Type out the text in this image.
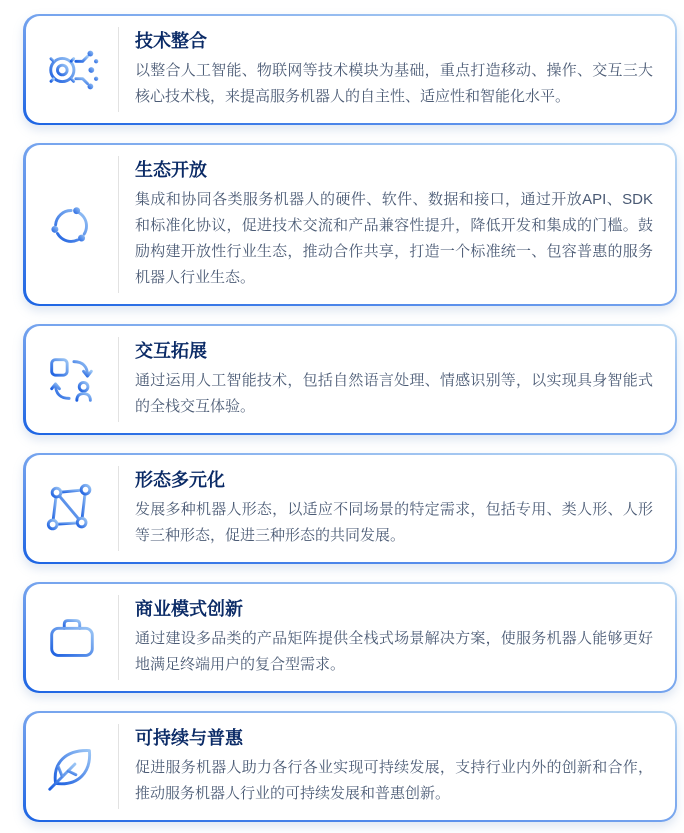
技术整合
以整合人工智能、物联网等技术模块为基础，重点打造移动、操作、交互三大核心技术栈，来提高服务机器人的自主性、适应性和智能化水平。
生态开放
集成和协同各类服务机器人的硬件、软件、数据和接口，通过开放API、SDK和标准化协议，促进技术交流和产品兼容性提升，降低开发和集成的门槛。鼓励构建开放性行业生态，推动合作共享，打造一个标准统一、包容普惠的服务机器人行业生态。
交互拓展
通过运用人工智能技术，包括自然语言处理、情感识别等，以实现具身智能式的全栈交互体验。
形态多元化
发展多种机器人形态，以适应不同场景的特定需求，包括专用、类人形、人形等三种形态，促进三种形态的共同发展。
商业模式创新
通过建设多品类的产品矩阵提供全栈式场景解决方案，使服务机器人能够更好地满足终端用户的复合型需求。
可持续与普惠
促进服务机器人助力各行各业实现可持续发展，支持行业内外的创新和合作，推动服务机器人行业的可持续发展和普惠创新。
